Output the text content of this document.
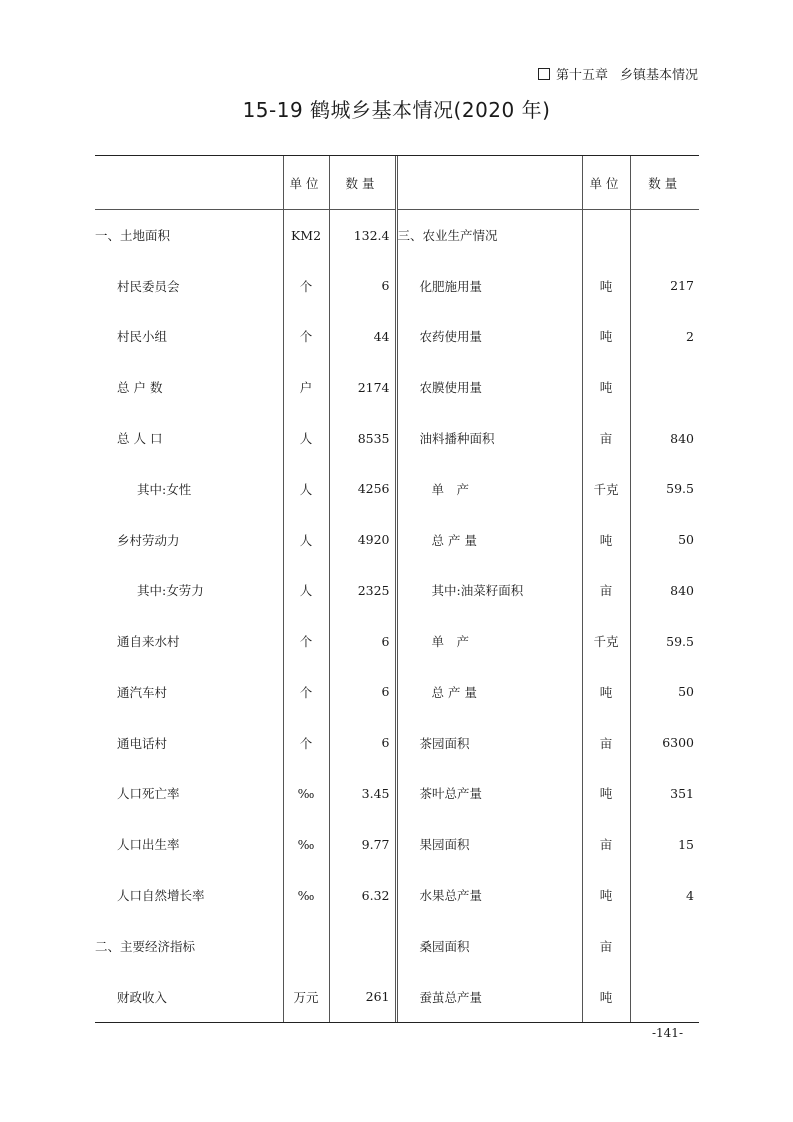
第十五章 乡镇基本情况
15-19 鹤城乡基本情况(2020 年)
	单位	数量		单位	数量
一、土地面积	KM2	132.4	三、农业生产情况		
村民委员会	个	6	化肥施用量	吨	217
村民小组	个	44	农药使用量	吨	2
总 户 数	户	2174	农膜使用量	吨	
总 人 口	人	8535	油料播种面积	亩	840
其中:女性	人	4256	单　产	千克	59.5
乡村劳动力	人	4920	总 产 量	吨	50
其中:女劳力	人	2325	其中:油菜籽面积	亩	840
通自来水村	个	6	单　产	千克	59.5
通汽车村	个	6	总 产 量	吨	50
通电话村	个	6	茶园面积	亩	6300
人口死亡率	‰	3.45	茶叶总产量	吨	351
人口出生率	‰	9.77	果园面积	亩	15
人口自然增长率	‰	6.32	水果总产量	吨	4
二、主要经济指标			桑园面积	亩	
财政收入	万元	261	蚕茧总产量	吨	
-141-
